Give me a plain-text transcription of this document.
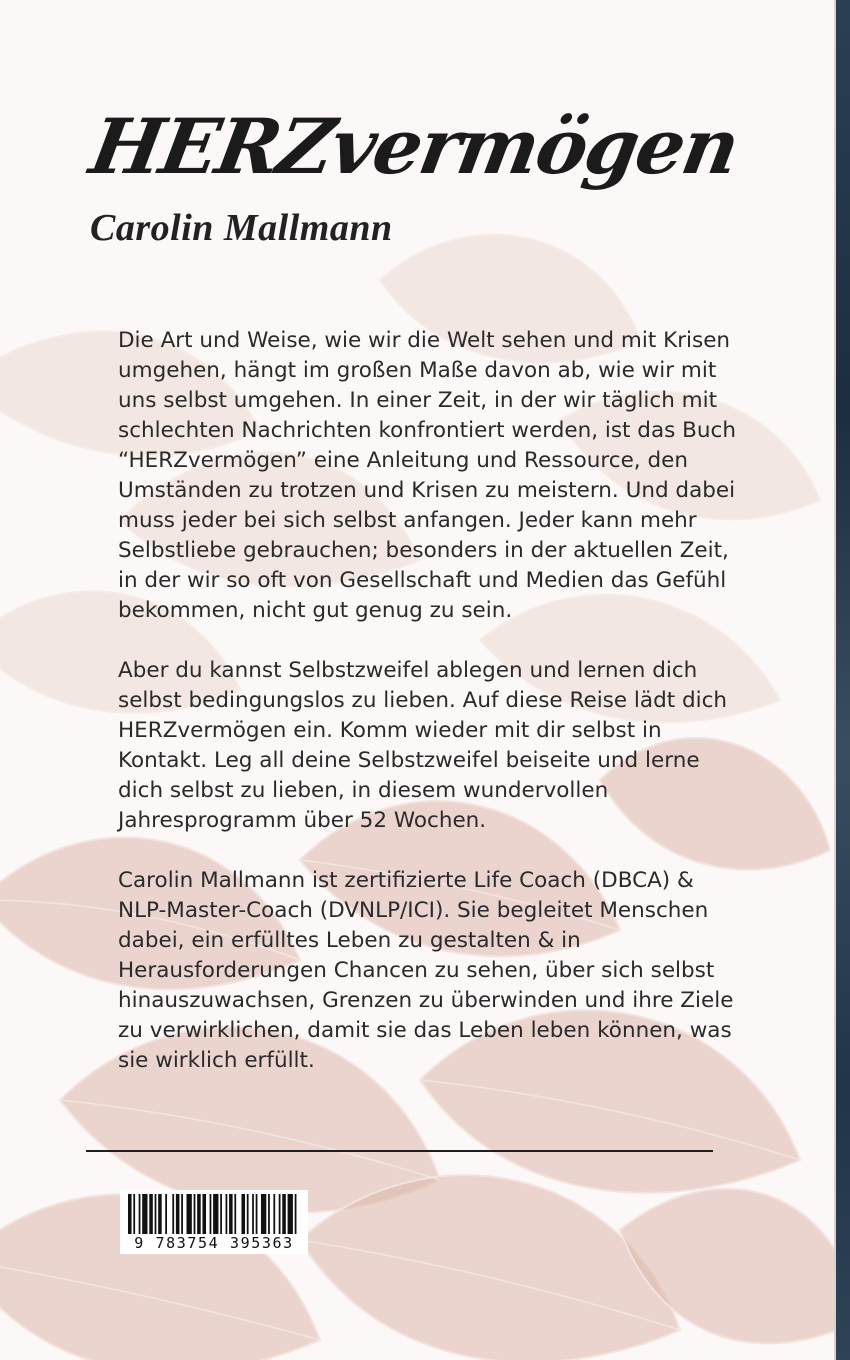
HERZvermögen
Carolin Mallmann

Die Art und Weise, wie wir die Welt sehen und mit Krisen umgehen, hängt im großen Maße davon ab, wie wir mit uns selbst umgehen. In einer Zeit, in der wir täglich mit schlechten Nachrichten konfrontiert werden, ist das Buch “HERZvermögen” eine Anleitung und Ressource, den Umständen zu trotzen und Krisen zu meistern. Und dabei muss jeder bei sich selbst anfangen. Jeder kann mehr Selbstliebe gebrauchen; besonders in der aktuellen Zeit, in der wir so oft von Gesellschaft und Medien das Gefühl bekommen, nicht gut genug zu sein.

Aber du kannst Selbstzweifel ablegen und lernen dich selbst bedingungslos zu lieben. Auf diese Reise lädt dich HERZvermögen ein. Komm wieder mit dir selbst in Kontakt. Leg all deine Selbstzweifel beiseite und lerne dich selbst zu lieben, in diesem wundervollen Jahresprogramm über 52 Wochen.

Carolin Mallmann ist zertifizierte Life Coach (DBCA) & NLP-Master-Coach (DVNLP/ICI). Sie begleitet Menschen dabei, ein erfülltes Leben zu gestalten & in Herausforderungen Chancen zu sehen, über sich selbst hinauszuwachsen, Grenzen zu überwinden und ihre Ziele zu verwirklichen, damit sie das Leben leben können, was sie wirklich erfüllt.

9 783754 395363
